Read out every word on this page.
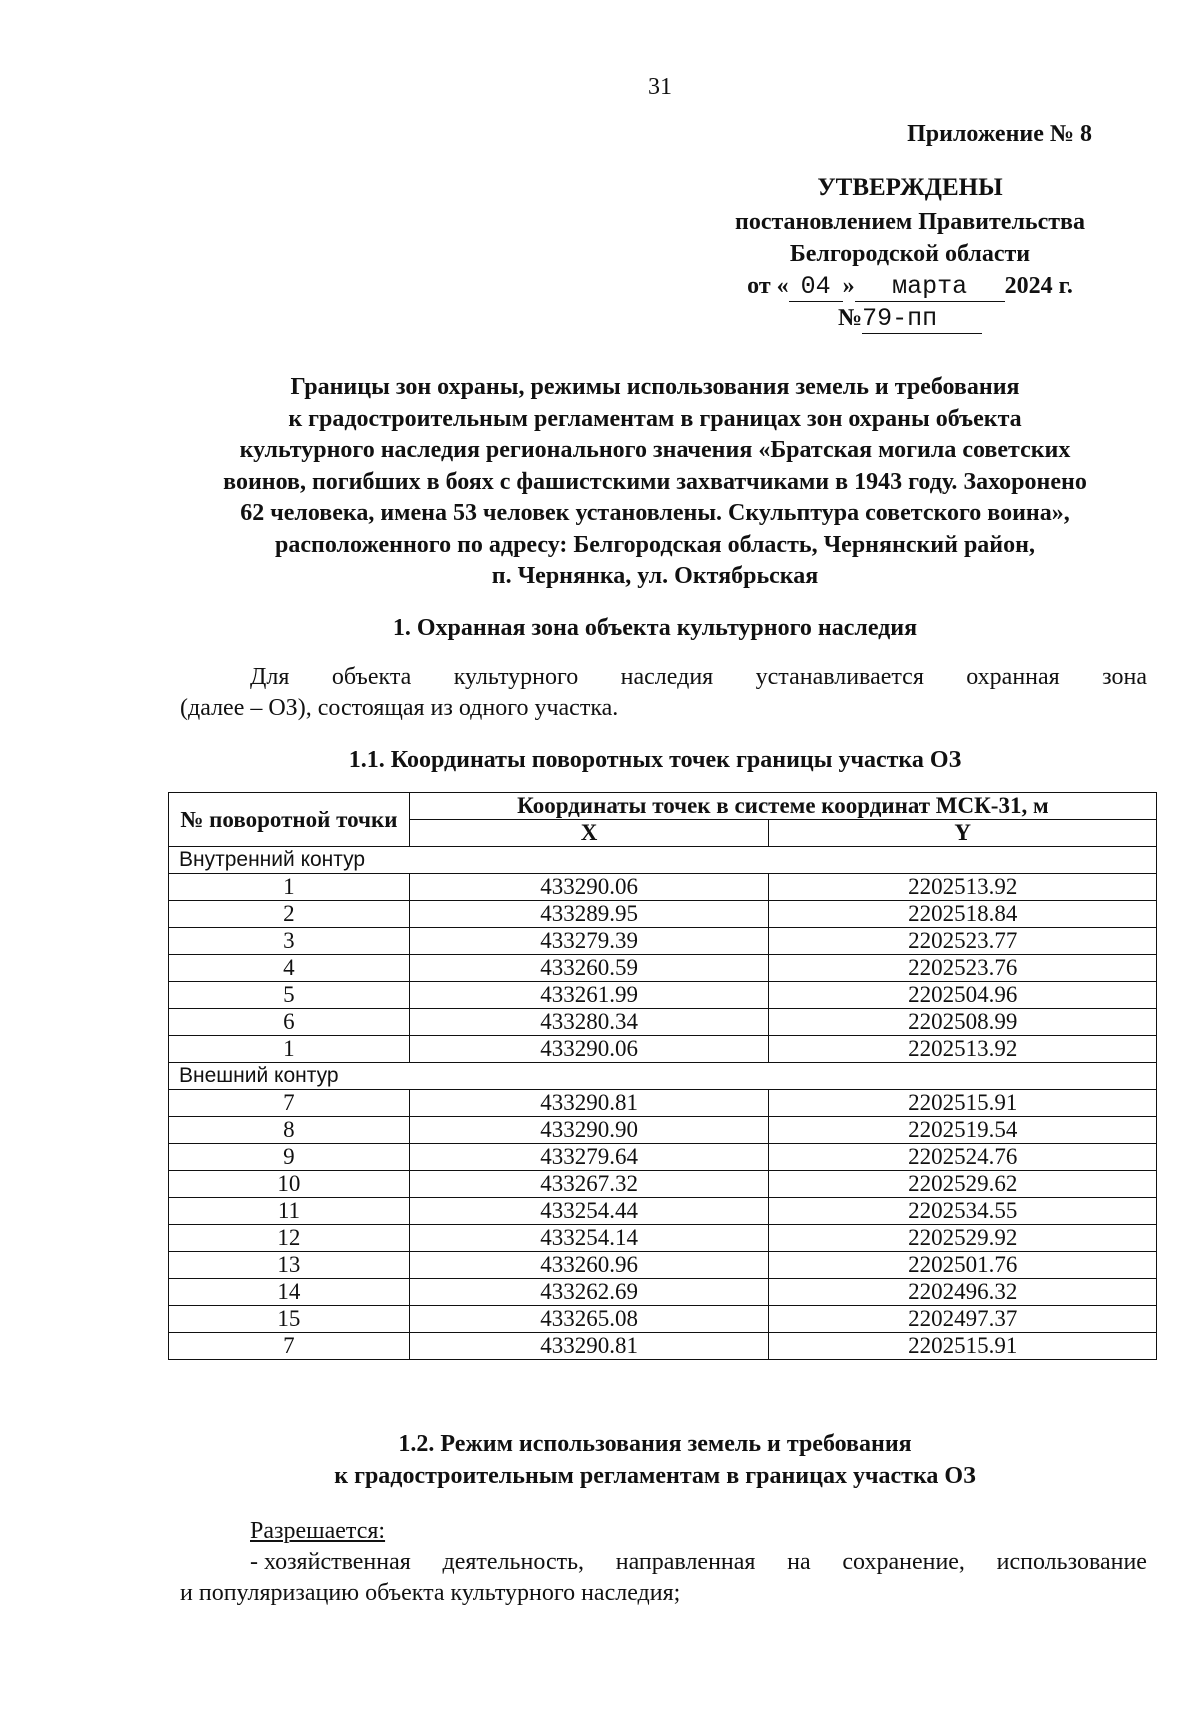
31
Приложение № 8
УТВЕРЖДЕНЫ
постановлением Правительства
Белгородской области
от « 04 » марта 2024 г.
№79-пп
Границы зон охраны, режимы использования земель и требования
к градостроительным регламентам в границах зон охраны объекта
культурного наследия регионального значения «Братская могила советских
воинов, погибших в боях с фашистскими захватчиками в 1943 году. Захоронено
62 человека, имена 53 человек установлены. Скульптура советского воина»,
расположенного по адресу: Белгородская область, Чернянский район,
п. Чернянка, ул. Октябрьская
1. Охранная зона объекта культурного наследия
Для объекта культурного наследия устанавливается охранная зона
(далее – ОЗ), состоящая из одного участка.
1.1. Координаты поворотных точек границы участка ОЗ
№ поворотной точки	Координаты точек в системе координат МСК-31, м	
	X	Y
Внутренний контур		
1	433290.06	2202513.92
2	433289.95	2202518.84
3	433279.39	2202523.77
4	433260.59	2202523.76
5	433261.99	2202504.96
6	433280.34	2202508.99
1	433290.06	2202513.92
Внешний контур		
7	433290.81	2202515.91
8	433290.90	2202519.54
9	433279.64	2202524.76
10	433267.32	2202529.62
11	433254.44	2202534.55
12	433254.14	2202529.92
13	433260.96	2202501.76
14	433262.69	2202496.32
15	433265.08	2202497.37
7	433290.81	2202515.91
1.2. Режим использования земель и требования
к градостроительным регламентам в границах участка ОЗ
Разрешается:
- хозяйственная деятельность, направленная на сохранение, использование
и популяризацию объекта культурного наследия;
